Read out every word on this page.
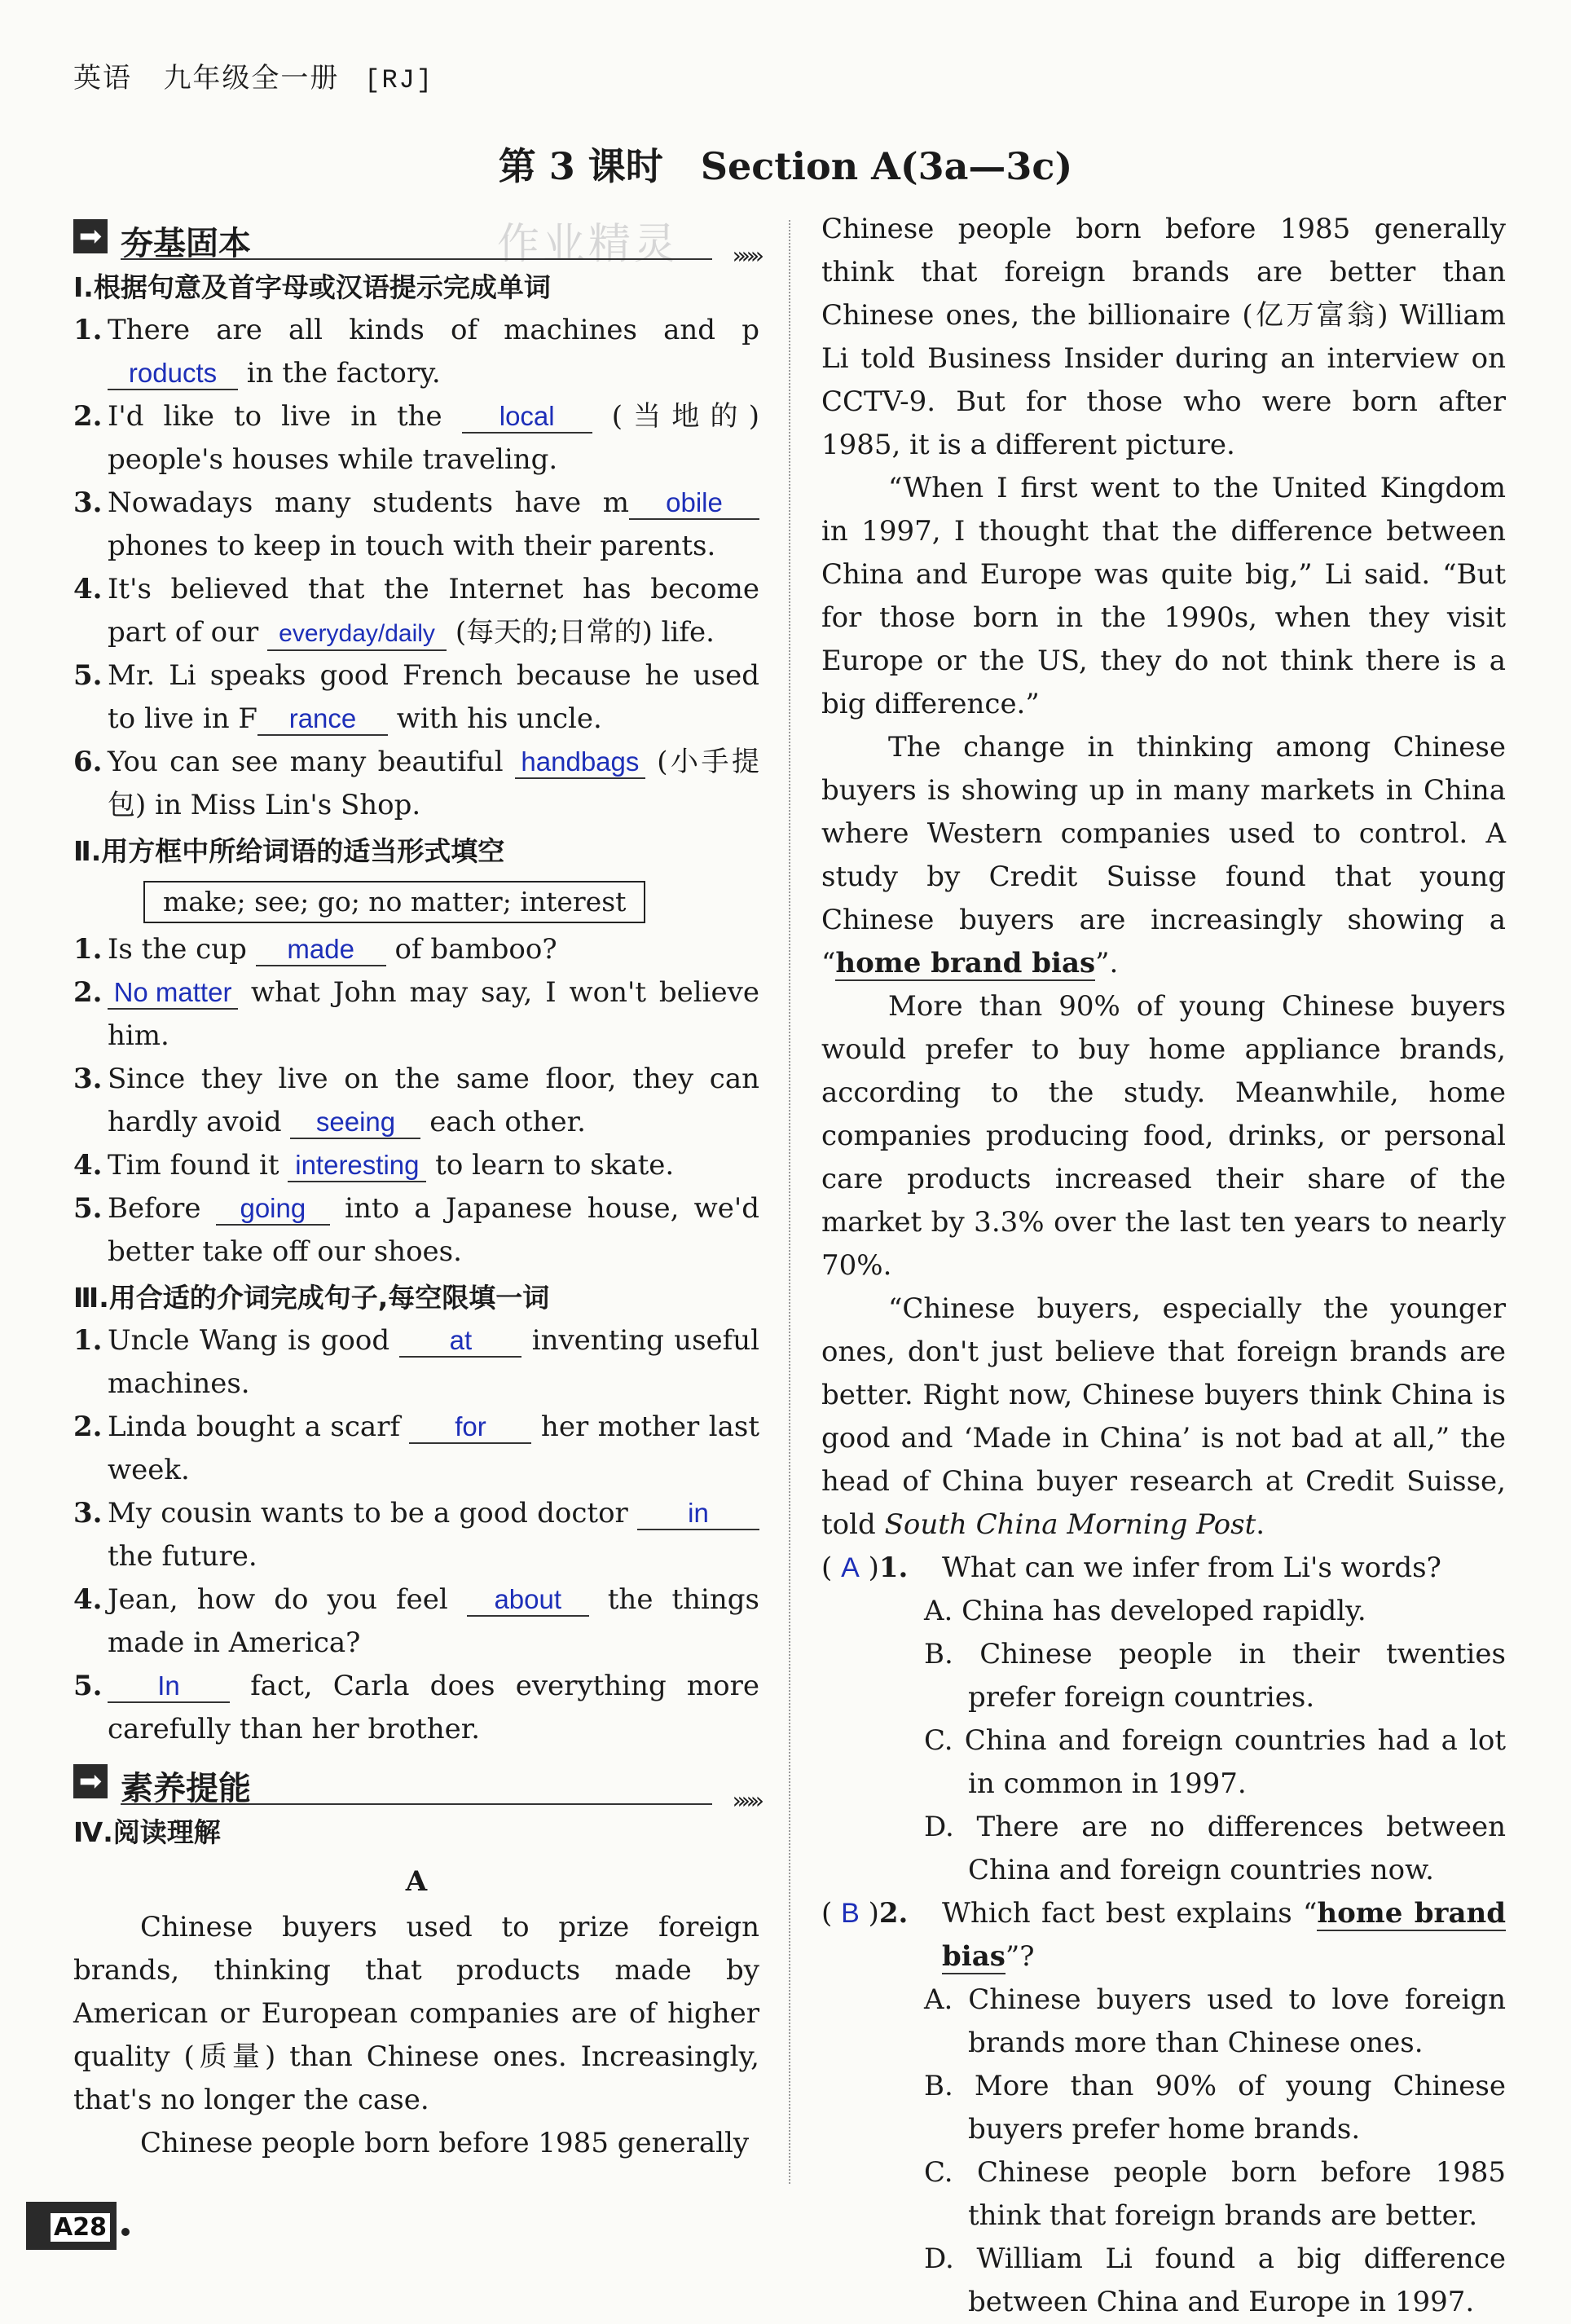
英语 九年级全一册 [RJ]
第 3 课时　Section A(3a—3c)
➡ 夯基固本	作业精灵 »»»
Ⅰ.根据句意及首字母或汉语提示完成单词
1. There are all kinds of machines and products in the factory.
2. I'd like to live in the local (当地的) people's houses while traveling.
3. Nowadays many students have m obile phones to keep in touch with their parents.
4. It's believed that the Internet has become part of our everyday/daily (每天的;日常的) life.
5. Mr. Li speaks good French because he used to live in F rance with his uncle.
6. You can see many beautiful handbags (小手提包) in Miss Lin's Shop.
Ⅱ.用方框中所给词语的适当形式填空
make; see; go; no matter; interest
1. Is the cup made of bamboo?
2. No matter what John may say, I won't believe him.
3. Since they live on the same floor, they can hardly avoid seeing each other.
4. Tim found it interesting to learn to skate.
5. Before going into a Japanese house, we'd better take off our shoes.
Ⅲ.用合适的介词完成句子,每空限填一词
1. Uncle Wang is good at inventing useful machines.
2. Linda bought a scarf for her mother last week.
3. My cousin wants to be a good doctor in the future.
4. Jean, how do you feel about the things made in America?
5. In fact, Carla does everything more carefully than her brother.
➡ 素养提能	»»»
Ⅳ.阅读理解
A

Chinese buyers used to prize foreign brands, thinking that products made by American or European companies are of higher quality (质量) than Chinese ones. Increasingly, that's no longer the case.

Chinese people born before 1985 generally

Chinese people born before 1985 generally think that foreign brands are better than Chinese ones, the billionaire (亿万富翁) William Li told Business Insider during an interview on CCTV-9. But for those who were born after 1985, it is a different picture.

“When I first went to the United Kingdom in 1997, I thought that the difference between China and Europe was quite big,” Li said. “But for those born in the 1990s, when they visit Europe or the US, they do not think there is a big difference.”

The change in thinking among Chinese buyers is showing up in many markets in China where Western companies used to control. A study by Credit Suisse found that young Chinese buyers are increasingly showing a “home brand bias”.

More than 90% of young Chinese buyers would prefer to buy home appliance brands, according to the study. Meanwhile, home companies producing food, drinks, or personal care products increased their share of the market by 3.3% over the last ten years to nearly 70%.

“Chinese buyers, especially the younger ones, don't just believe that foreign brands are better. Right now, Chinese buyers think China is good and ‘Made in China’ is not bad at all,” the head of China buyer research at Credit Suisse, told South China Morning Post.

( A )1. What can we infer from Li's words?
A. China has developed rapidly.
B. Chinese people in their twenties prefer foreign countries.
C. China and foreign countries had a lot in common in 1997.
D. There are no differences between China and foreign countries now.
( B )2. Which fact best explains “home brand bias”?
A. Chinese buyers used to love foreign brands more than Chinese ones.
B. More than 90% of young Chinese buyers prefer home brands.
C. Chinese people born before 1985 think that foreign brands are better.
D. William Li found a big difference between China and Europe in 1997.
A28
